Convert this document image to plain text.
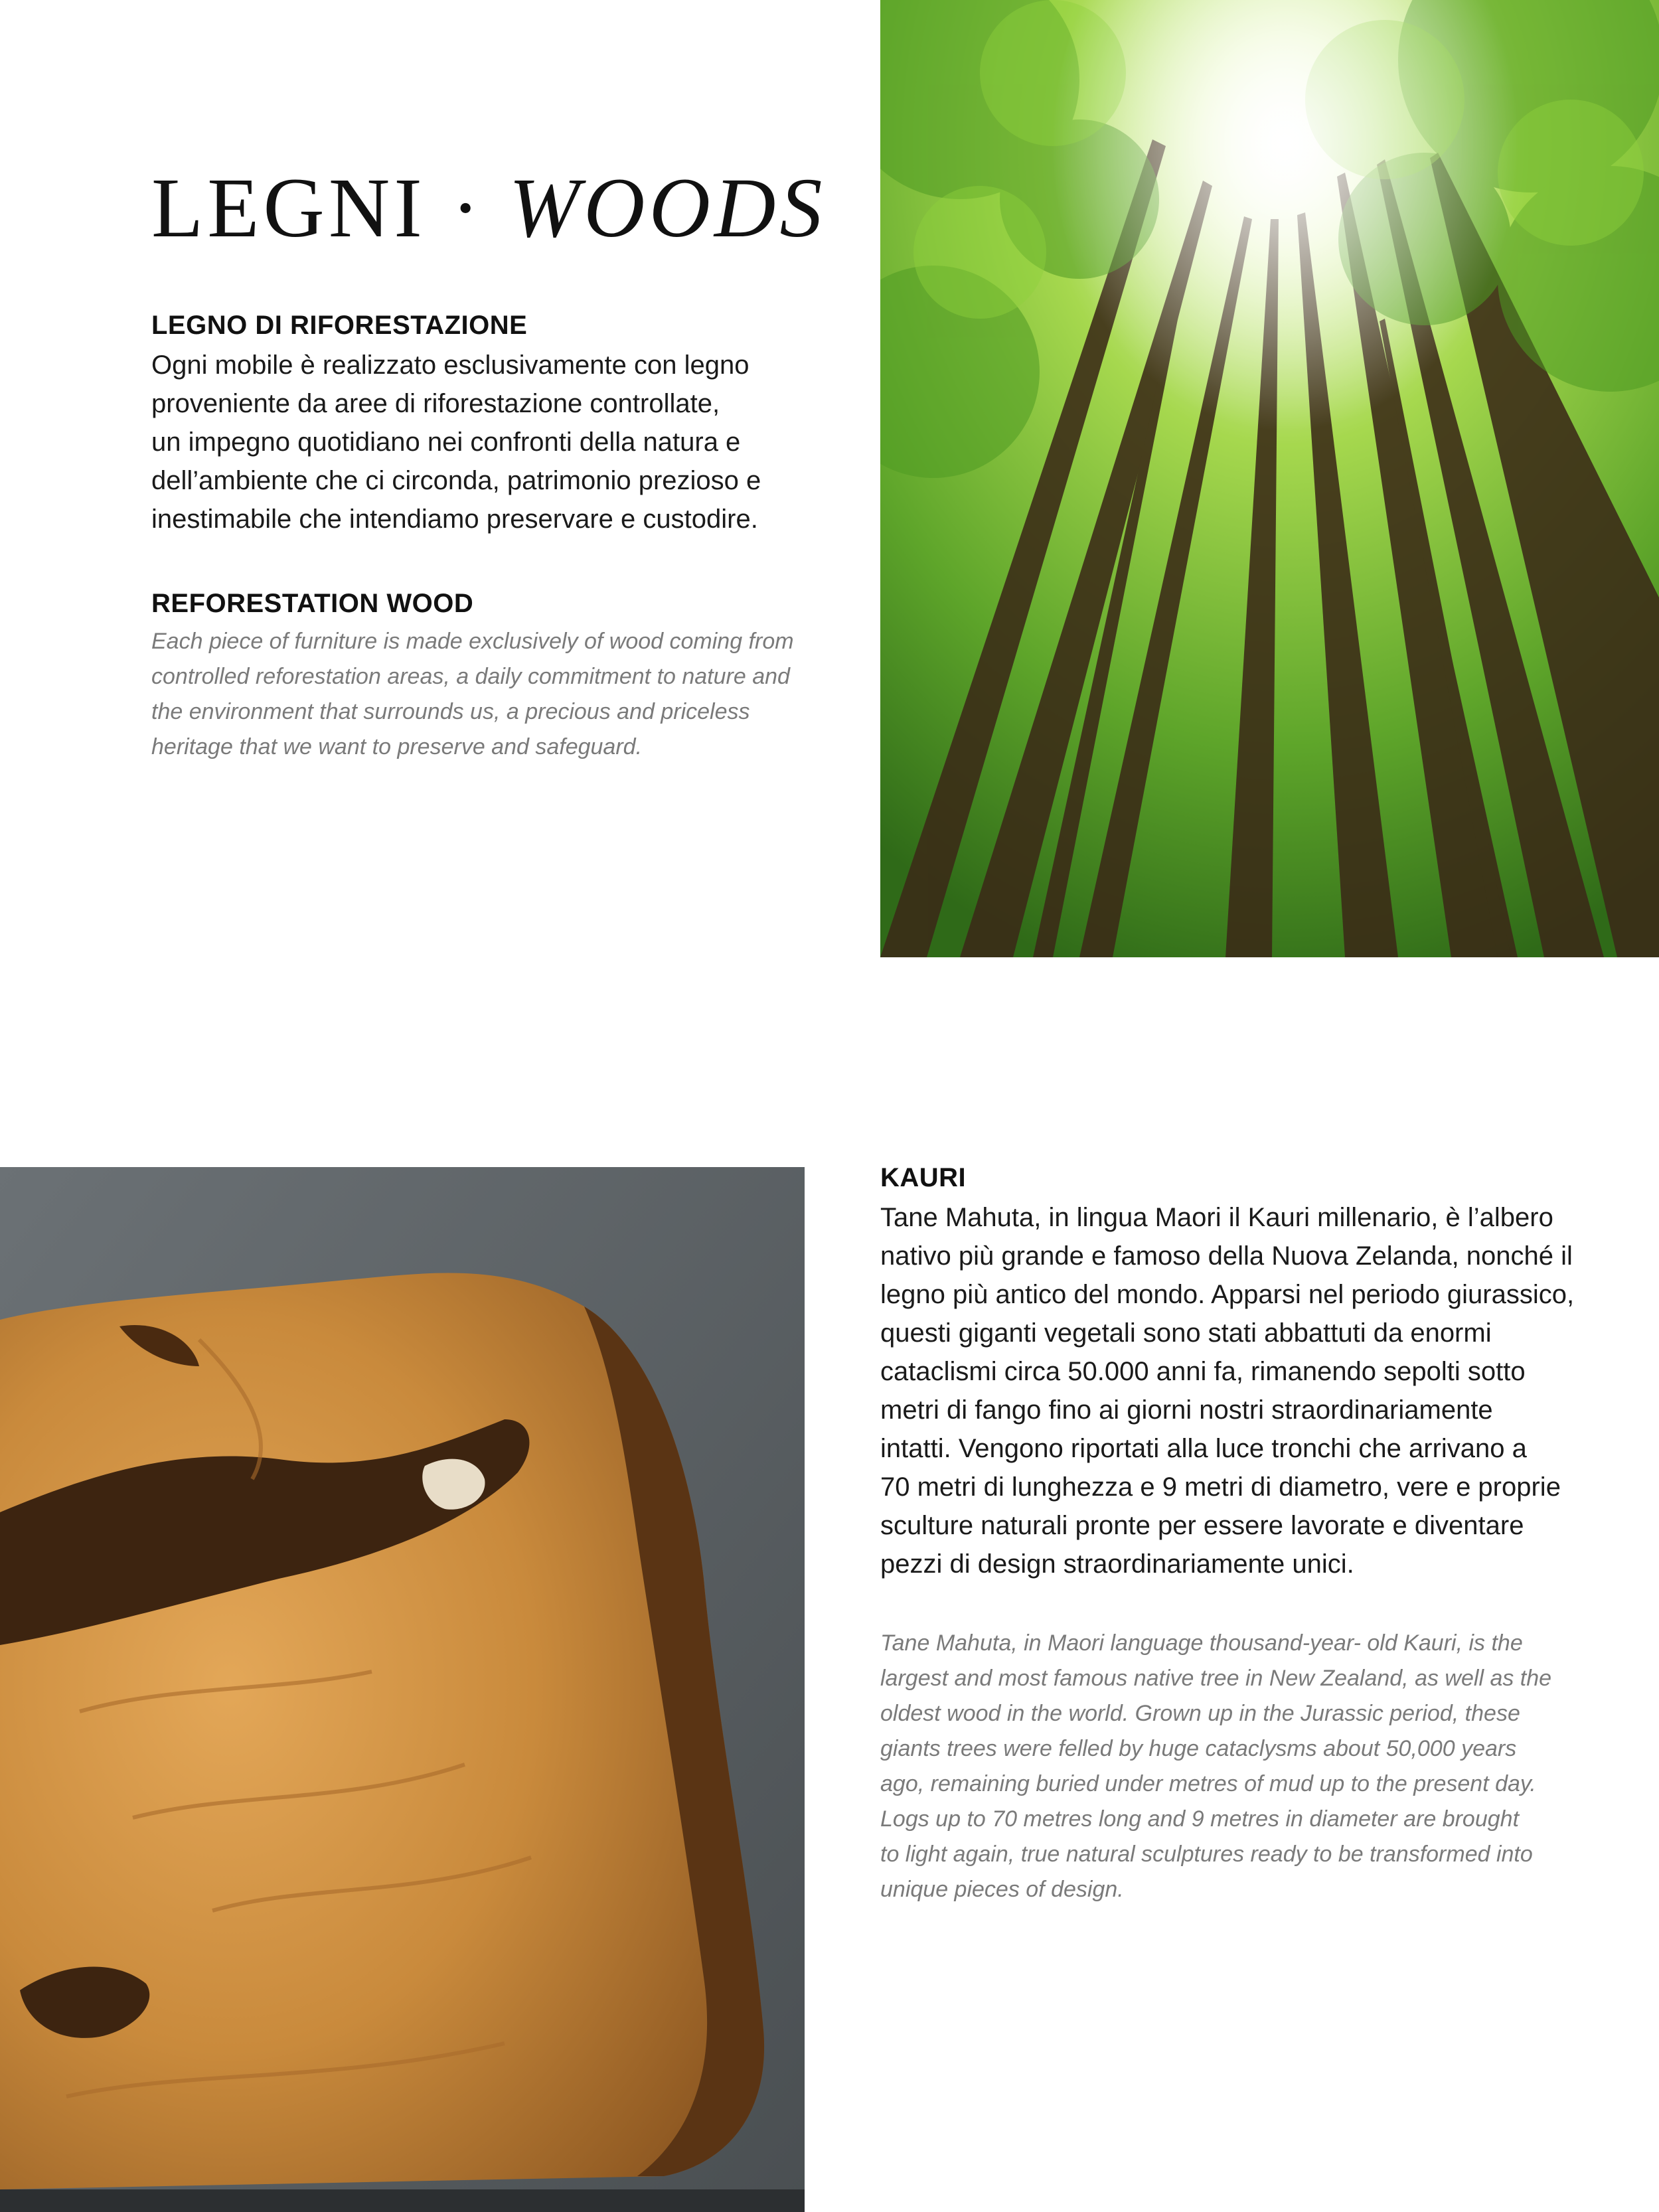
LEGNI · WOODS
LEGNO DI RIFORESTAZIONE

Ogni mobile è realizzato esclusivamente con legno
proveniente da aree di riforestazione controllate,
un impegno quotidiano nei confronti della natura e
dell’ambiente che ci circonda, patrimonio prezioso e
inestimabile che intendiamo preservare e custodire.

REFORESTATION WOOD

Each piece of furniture is made exclusively of wood coming from
controlled reforestation areas, a daily commitment to nature and
the environment that surrounds us, a precious and priceless
heritage that we want to preserve and safeguard.

KAURI

Tane Mahuta, in lingua Maori il Kauri millenario, è l’albero
nativo più grande e famoso della Nuova Zelanda, nonché il
legno più antico del mondo. Apparsi nel periodo giurassico,
questi giganti vegetali sono stati abbattuti da enormi
cataclismi circa 50.000 anni fa, rimanendo sepolti sotto
metri di fango fino ai giorni nostri straordinariamente
intatti. Vengono riportati alla luce tronchi che arrivano a
70 metri di lunghezza e 9 metri di diametro, vere e proprie
sculture naturali pronte per essere lavorate e diventare
pezzi di design straordinariamente unici.

Tane Mahuta, in Maori language thousand-year- old Kauri, is the
largest and most famous native tree in New Zealand, as well as the
oldest wood in the world. Grown up in the Jurassic period, these
giants trees were felled by huge cataclysms about 50,000 years
ago, remaining buried under metres of mud up to the present day.
Logs up to 70 metres long and 9 metres in diameter are brought
to light again, true natural sculptures ready to be transformed into
unique pieces of design.
